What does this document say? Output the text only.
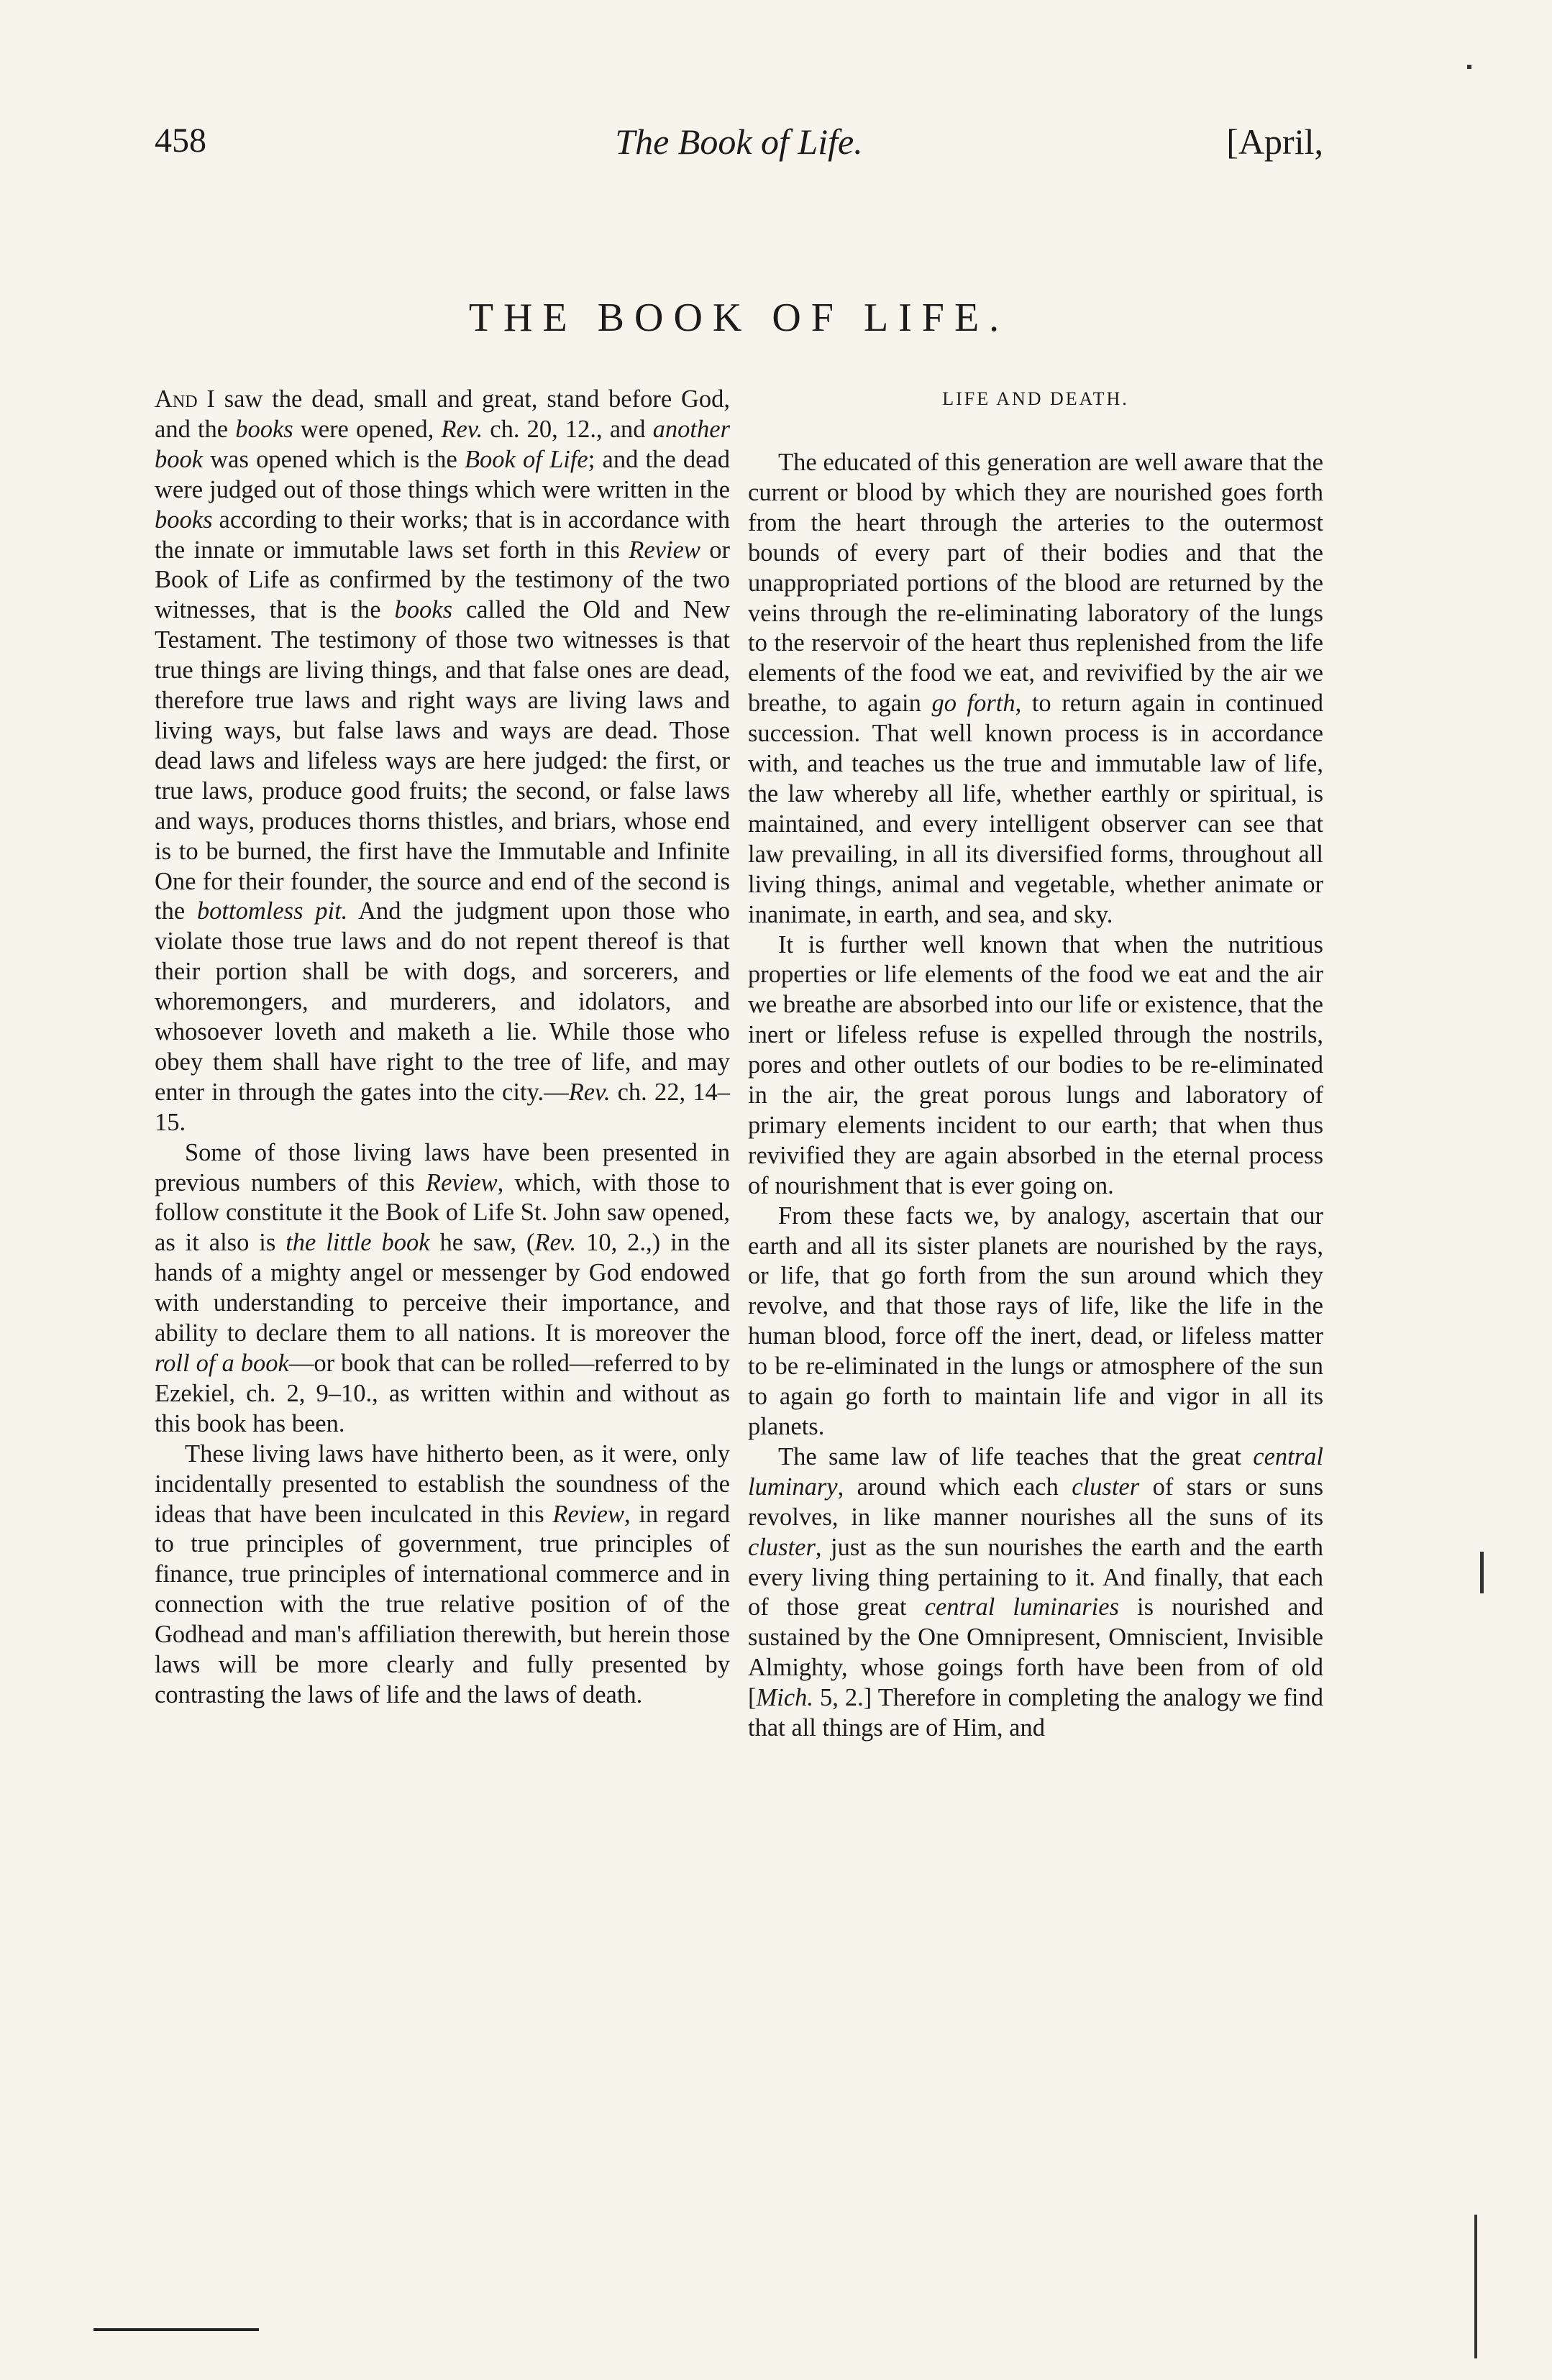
458	The Book of Life.	[April,
THE BOOK OF LIFE.

And I saw the dead, small and great, stand before God, and the books were opened, Rev. ch. 20, 12., and another book was opened which is the Book of Life; and the dead were judged out of those things which were written in the books according to their works; that is in accordance with the innate or immutable laws set forth in this Review or Book of Life as confirmed by the testimony of the two witnesses, that is the books called the Old and New Testament. The testimony of those two witnesses is that true things are living things, and that false ones are dead, therefore true laws and right ways are living laws and living ways, but false laws and ways are dead. Those dead laws and lifeless ways are here judged: the first, or true laws, produce good fruits; the second, or false laws and ways, produces thorns thistles, and briars, whose end is to be burned, the first have the Immutable and Infinite One for their founder, the source and end of the second is the bottomless pit. And the judgment upon those who violate those true laws and do not repent thereof is that their portion shall be with dogs, and sorcerers, and whoremongers, and murderers, and idolators, and whosoever loveth and maketh a lie. While those who obey them shall have right to the tree of life, and may enter in through the gates into the city.—Rev. ch. 22, 14–15.

Some of those living laws have been presented in previous numbers of this Review, which, with those to follow constitute it the Book of Life St. John saw opened, as it also is the little book he saw, (Rev. 10, 2.,) in the hands of a mighty angel or messenger by God endowed with understanding to perceive their importance, and ability to declare them to all nations. It is moreover the roll of a book—or book that can be rolled—referred to by Ezekiel, ch. 2, 9–10., as written within and without as this book has been.

These living laws have hitherto been, as it were, only incidentally presented to establish the soundness of the ideas that have been inculcated in this Review, in regard to true principles of government, true principles of finance, true principles of international commerce and in connection with the true relative position of of the Godhead and man's affiliation therewith, but herein those laws will be more clearly and fully presented by contrasting the laws of life and the laws of death.

LIFE AND DEATH.

The educated of this generation are well aware that the current or blood by which they are nourished goes forth from the heart through the arteries to the outermost bounds of every part of their bodies and that the unappropriated portions of the blood are returned by the veins through the re-eliminating laboratory of the lungs to the reservoir of the heart thus replenished from the life elements of the food we eat, and revivified by the air we breathe, to again go forth, to return again in continued succession. That well known process is in accordance with, and teaches us the true and immutable law of life, the law whereby all life, whether earthly or spiritual, is maintained, and every intelligent observer can see that law prevailing, in all its diversified forms, throughout all living things, animal and vegetable, whether animate or inanimate, in earth, and sea, and sky.

It is further well known that when the nutritious properties or life elements of the food we eat and the air we breathe are absorbed into our life or existence, that the inert or lifeless refuse is expelled through the nostrils, pores and other outlets of our bodies to be re-eliminated in the air, the great porous lungs and laboratory of primary elements incident to our earth; that when thus revivified they are again absorbed in the eternal process of nourishment that is ever going on.

From these facts we, by analogy, ascertain that our earth and all its sister planets are nourished by the rays, or life, that go forth from the sun around which they revolve, and that those rays of life, like the life in the human blood, force off the inert, dead, or lifeless matter to be re-eliminated in the lungs or atmosphere of the sun to again go forth to maintain life and vigor in all its planets.

The same law of life teaches that the great central luminary, around which each cluster of stars or suns revolves, in like manner nourishes all the suns of its cluster, just as the sun nourishes the earth and the earth every living thing pertaining to it. And finally, that each of those great central luminaries is nourished and sustained by the One Omnipresent, Omniscient, Invisible Almighty, whose goings forth have been from of old [Mich. 5, 2.] Therefore in completing the analogy we find that all things are of Him, and
